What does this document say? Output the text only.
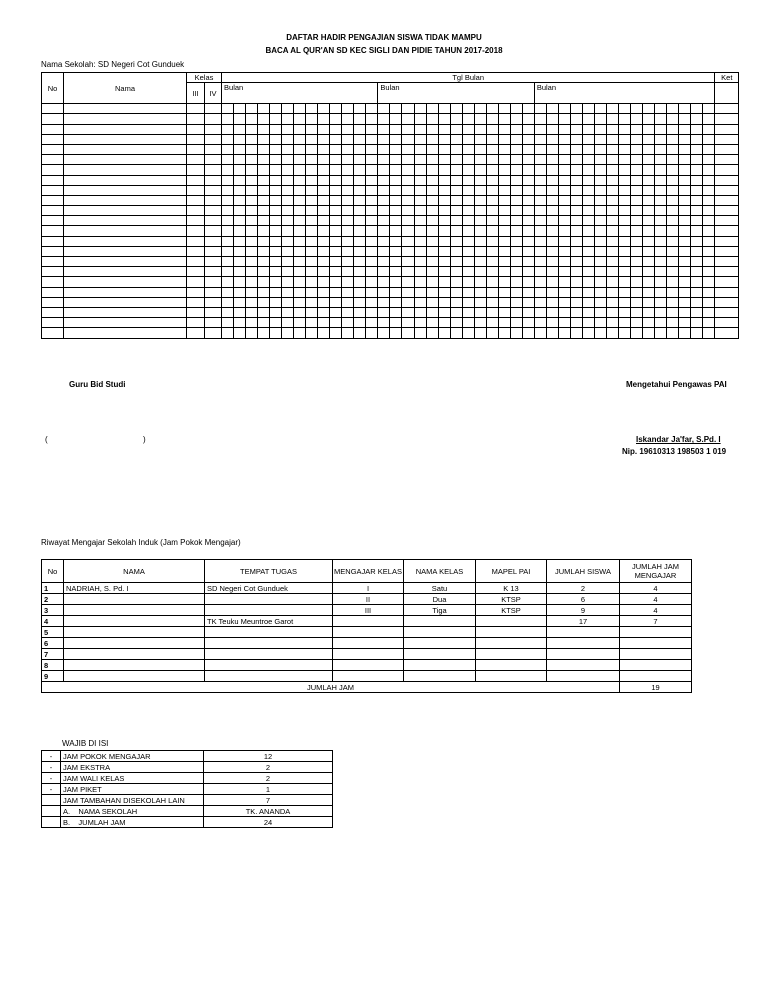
DAFTAR HADIR PENGAJIAN SISWA TIDAK MAMPU
BACA AL QUR'AN SD KEC SIGLI DAN PIDIE TAHUN 2017-2018
Nama Sekolah: SD Negeri Cot Gunduek
No	Nama	Kelas		Tgl Bulan																																									Ket
		III	IV	Bulan													Bulan													Bulan															

Guru Bid Studi	Mengetahui Pengawas PAI
(	)	Iskandar Ja'far, S.Pd. I
Nip. 19610313 198503 1 019
Riwayat Mengajar Sekolah Induk (Jam Pokok Mengajar)
No	NAMA	TEMPAT TUGAS	MENGAJAR KELAS	NAMA KELAS	MAPEL PAI	JUMLAH SISWA	JUMLAH JAM MENGAJAR
1	NADRIAH, S. Pd. I	SD Negeri Cot Gunduek	I	Satu	K 13	2	4
2			II	Dua	KTSP	6	4
3			III	Tiga	KTSP	9	4
4		TK Teuku Meuntroe Garot				17	7
5							
6							
7							
8							
9							
JUMLAH JAM							19
WAJIB DI ISI
-	JAM POKOK MENGAJAR	12
-	JAM EKSTRA	2
-	JAM WALI KELAS	2
-	JAM PIKET	1
	JAM TAMBAHAN DISEKOLAH LAIN	7
	A.    NAMA SEKOLAH	TK. ANANDA
	B.    JUMLAH JAM	24
